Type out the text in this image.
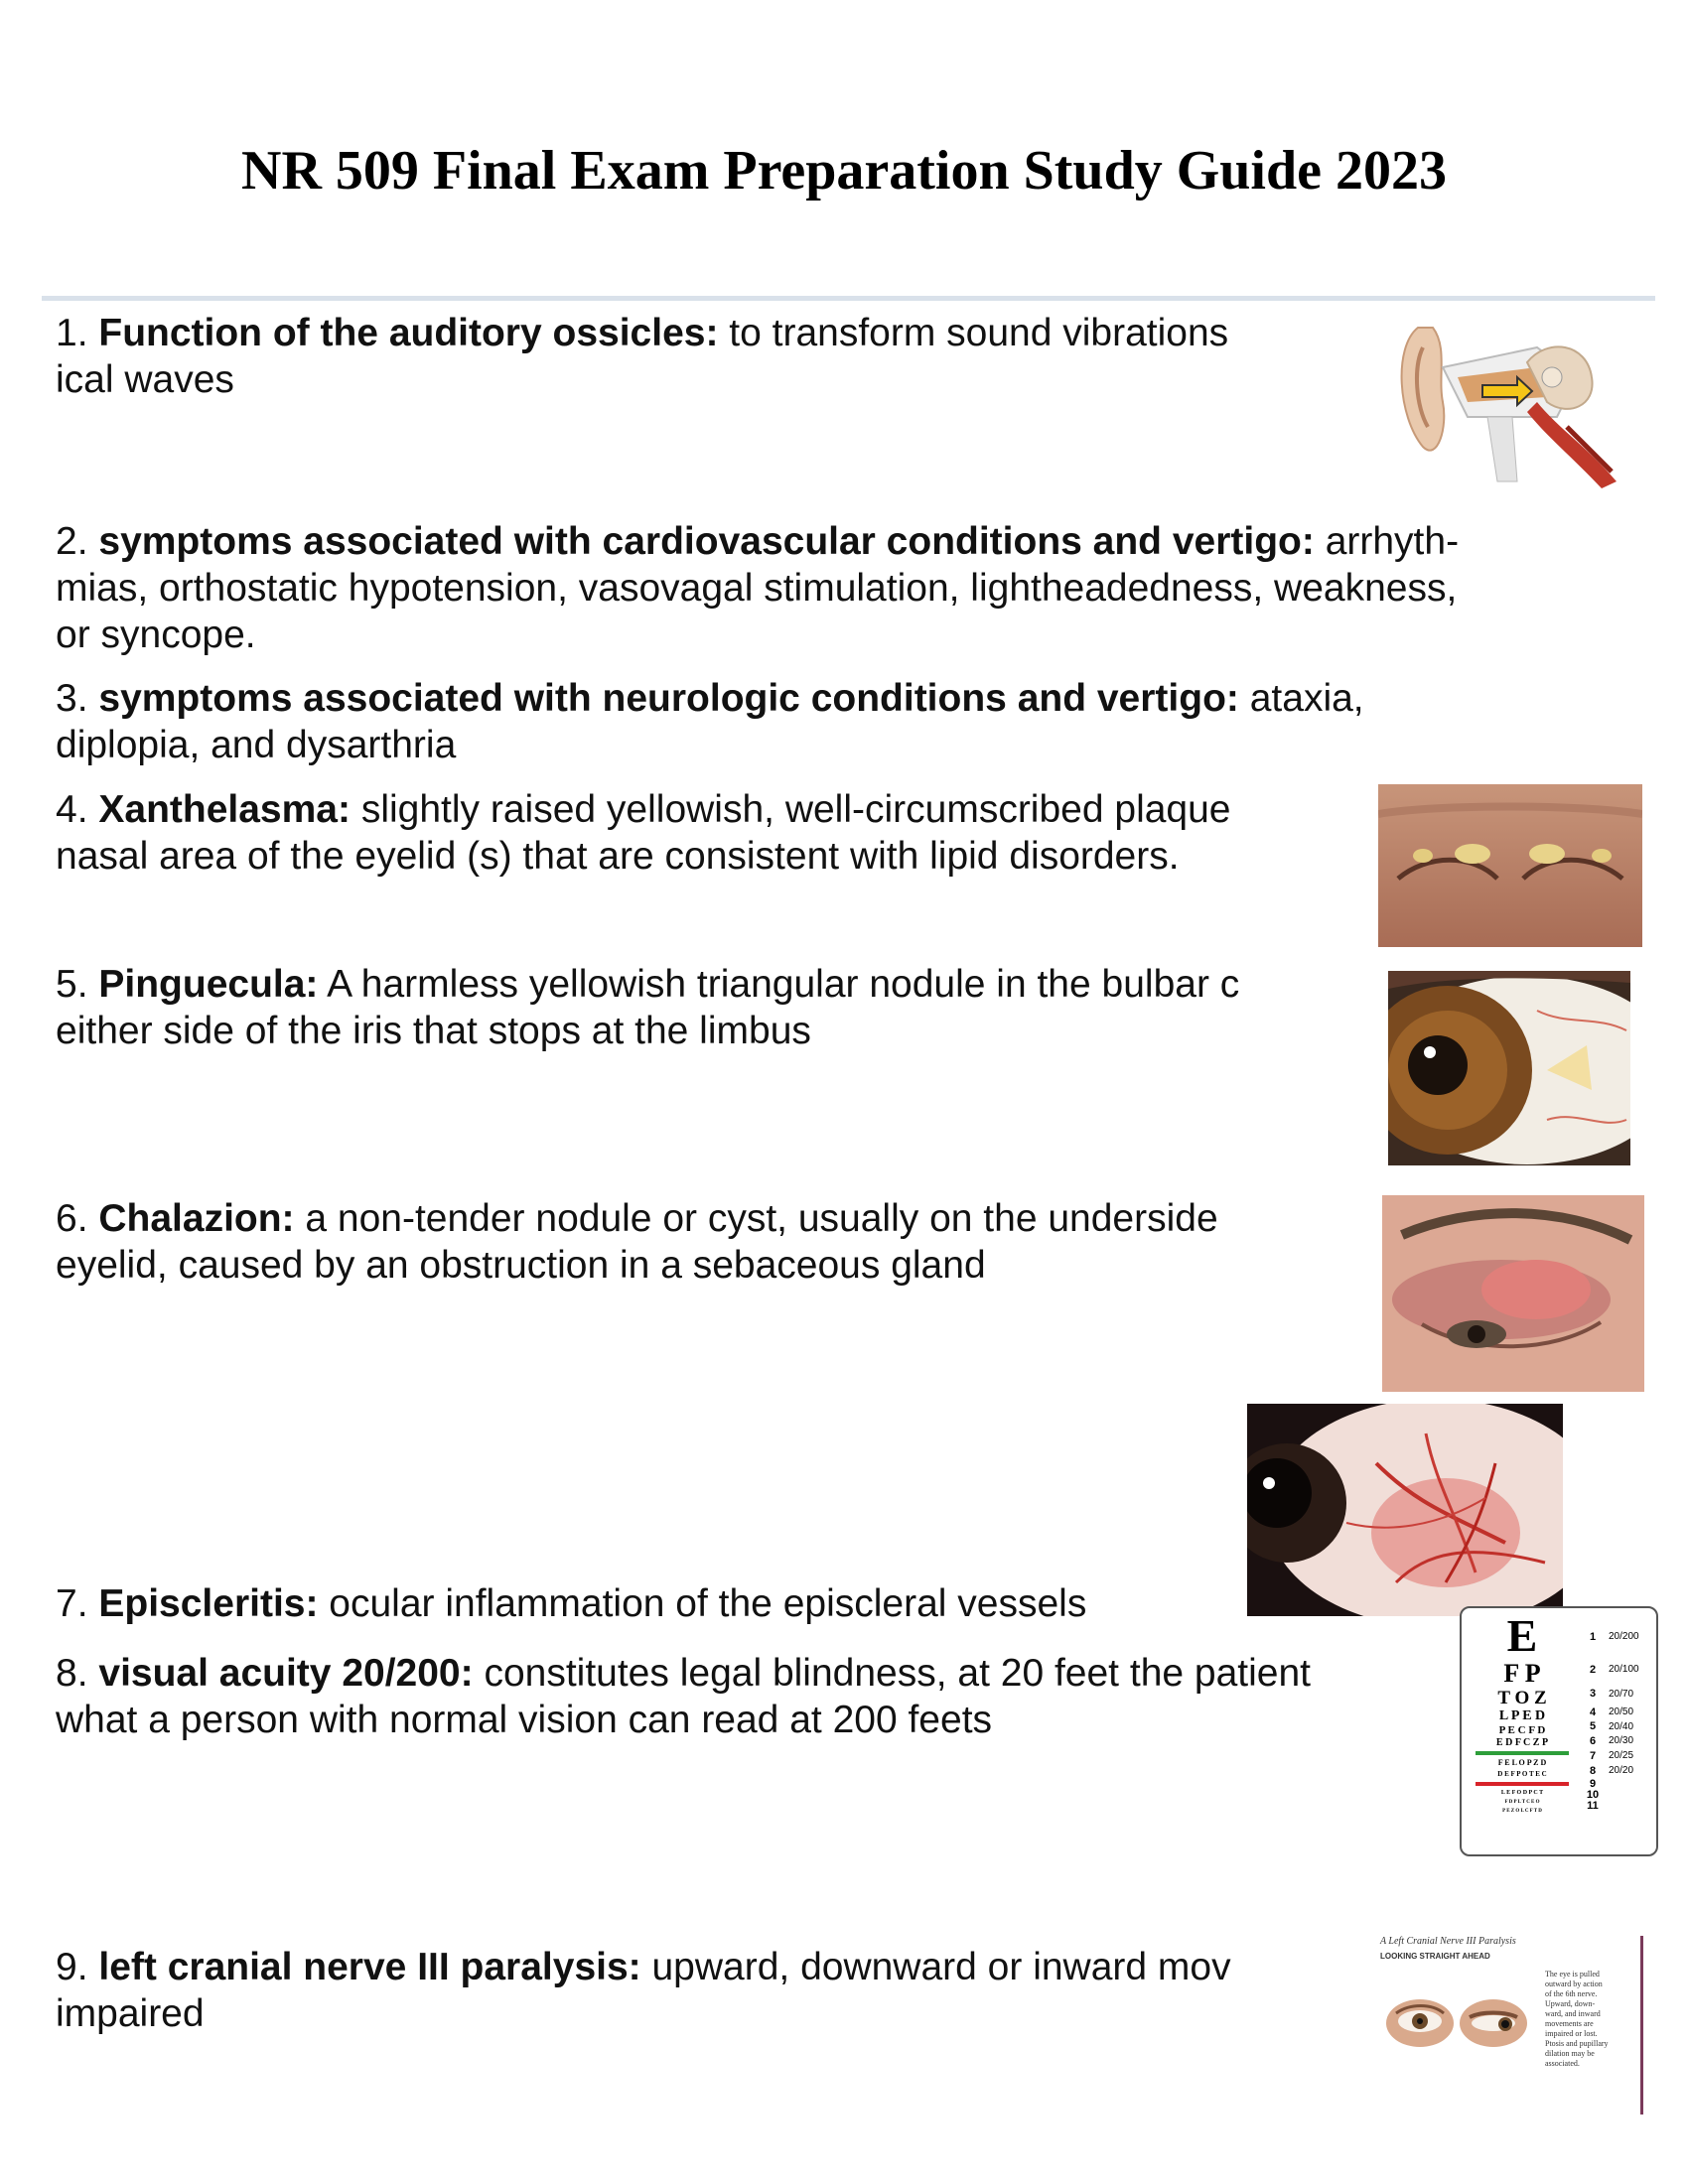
NR 509 Final Exam Preparation Study Guide 2023

1. Function of the auditory ossicles: to transform sound vibrations
ical waves

2. symptoms associated with cardiovascular conditions and vertigo: arrhyth-
mias, orthostatic hypotension, vasovagal stimulation, lightheadedness, weakness,
or syncope.

3. symptoms associated with neurologic conditions and vertigo: ataxia,
diplopia, and dysarthria

4. Xanthelasma: slightly raised yellowish, well-circumscribed plaque
nasal area of the eyelid (s) that are consistent with lipid disorders.

5. Pinguecula: A harmless yellowish triangular nodule in the bulbar c
either side of the iris that stops at the limbus

6. Chalazion: a non-tender nodule or cyst, usually on the underside
eyelid, caused by an obstruction in a sebaceous gland

7. Episcleritis: ocular inflammation of the episcleral vessels

8. visual acuity 20/200: constitutes legal blindness, at 20 feet the patient
what a person with normal vision can read at 200 feets

9. left cranial nerve III paralysis: upward, downward or inward mov
impaired

E
F P
T O Z
L P E D
P E C F D
E D F C Z P
F E L O P Z D
D E F P O T E C
L E F O D P C T
F D P L T C E O
P E Z O L C F T D
1
2
3
4
5
6
7
8
9
10
11
20/200
20/100
20/70
20/50
20/40
20/30
20/25
20/20
A Left Cranial Nerve III Paralysis
LOOKING STRAIGHT AHEAD
The eye is pulled
outward by action
of the 6th nerve.
Upward, down-
ward, and inward
movements are
impaired or lost.
Ptosis and pupillary
dilation may be
associated.
